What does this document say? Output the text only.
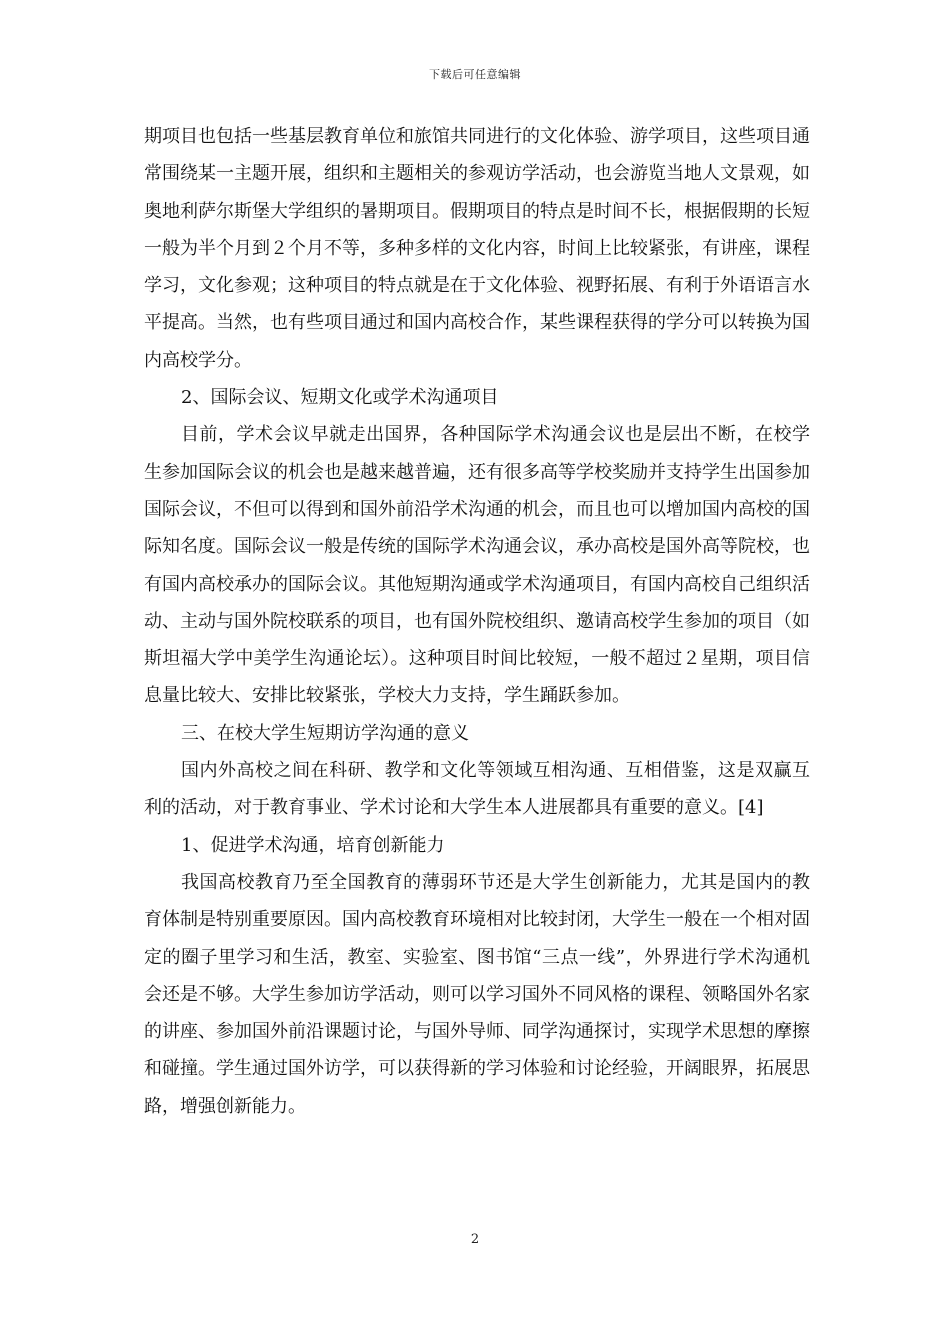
下载后可任意编辑

期项目也包括一些基层教育单位和旅馆共同进行的文化体验、游学项目，这些项目通常围绕某一主题开展，组织和主题相关的参观访学活动，也会游览当地人文景观，如奥地利萨尔斯堡大学组织的暑期项目。假期项目的特点是时间不长，根据假期的长短一般为半个月到２个月不等，多种多样的文化内容，时间上比较紧张，有讲座，课程学习，文化参观；这种项目的特点就是在于文化体验、视野拓展、有利于外语语言水平提高。当然，也有些项目通过和国内高校合作，某些课程获得的学分可以转换为国内高校学分。

2、国际会议、短期文化或学术沟通项目

目前，学术会议早就走出国界，各种国际学术沟通会议也是层出不断，在校学生参加国际会议的机会也是越来越普遍，还有很多高等学校奖励并支持学生出国参加国际会议，不但可以得到和国外前沿学术沟通的机会，而且也可以增加国内高校的国际知名度。国际会议一般是传统的国际学术沟通会议，承办高校是国外高等院校，也有国内高校承办的国际会议。其他短期沟通或学术沟通项目，有国内高校自己组织活动、主动与国外院校联系的项目，也有国外院校组织、邀请高校学生参加的项目（如斯坦福大学中美学生沟通论坛）。这种项目时间比较短，一般不超过２星期，项目信息量比较大、安排比较紧张，学校大力支持，学生踊跃参加。

三、在校大学生短期访学沟通的意义

国内外高校之间在科研、教学和文化等领域互相沟通、互相借鉴，这是双赢互利的活动，对于教育事业、学术讨论和大学生本人进展都具有重要的意义。[4]

1、促进学术沟通，培育创新能力

我国高校教育乃至全国教育的薄弱环节还是大学生创新能力，尤其是国内的教育体制是特别重要原因。国内高校教育环境相对比较封闭，大学生一般在一个相对固定的圈子里学习和生活，教室、实验室、图书馆“三点一线”，外界进行学术沟通机会还是不够。大学生参加访学活动，则可以学习国外不同风格的课程、领略国外名家的讲座、参加国外前沿课题讨论，与国外导师、同学沟通探讨，实现学术思想的摩擦和碰撞。学生通过国外访学，可以获得新的学习体验和讨论经验，开阔眼界，拓展思路，增强创新能力。

2
